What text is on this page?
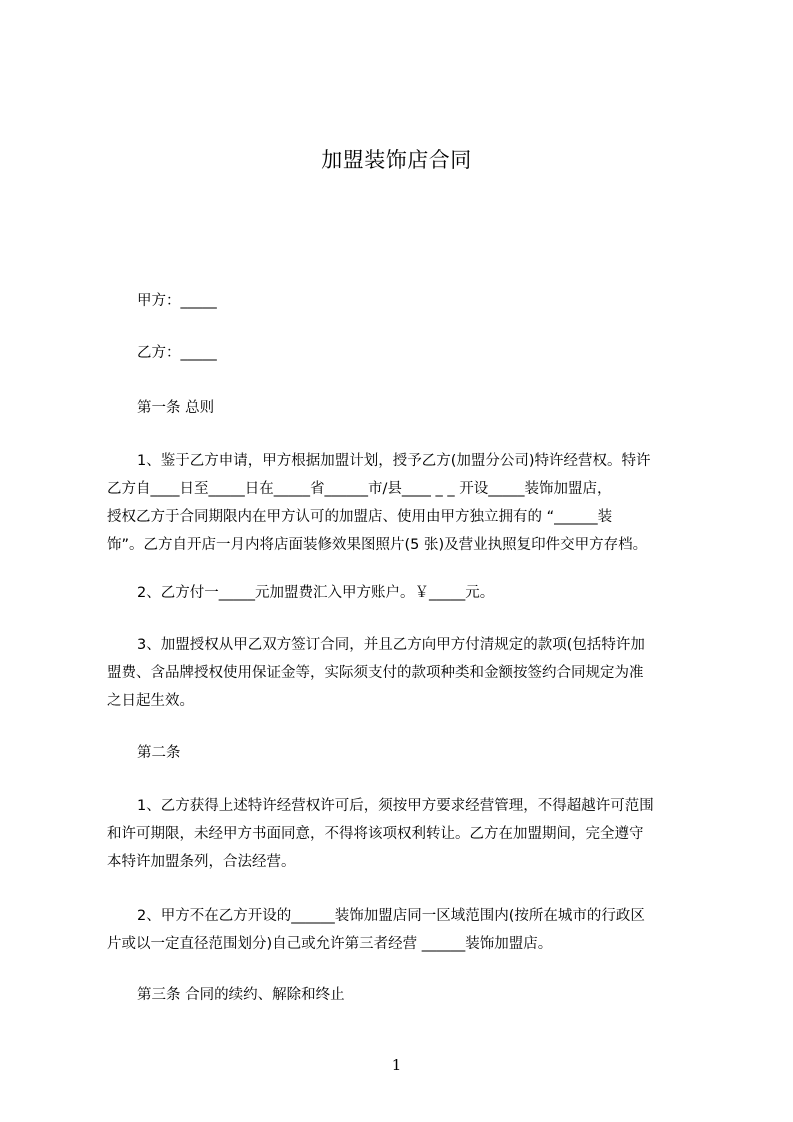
加盟装饰店合同
甲方：_____
乙方：_____
第一条 总则
1、鉴于乙方申请，甲方根据加盟计划，授予乙方(加盟分公司)特许经营权。特许
乙方自____日至_____日在_____省______市/县____ _ _ 开设_____装饰加盟店，
授权乙方于合同期限内在甲方认可的加盟店、使用由甲方独立拥有的 “______装
饰”。乙方自开店一月内将店面装修效果图照片(5 张)及营业执照复印件交甲方存档。
2、乙方付一_____元加盟费汇入甲方账户。￥_____元。
3、加盟授权从甲乙双方签订合同，并且乙方向甲方付清规定的款项(包括特许加
盟费、含品牌授权使用保证金等，实际须支付的款项种类和金额按签约合同规定为准
之日起生效。
第二条
1、乙方获得上述特许经营权许可后，须按甲方要求经营管理，不得超越许可范围
和许可期限，未经甲方书面同意，不得将该项权利转让。乙方在加盟期间，完全遵守
本特许加盟条列，合法经营。
2、甲方不在乙方开设的______装饰加盟店同一区域范围内(按所在城市的行政区
片或以一定直径范围划分)自己或允许第三者经营 ______装饰加盟店。
第三条 合同的续约、解除和终止
1
